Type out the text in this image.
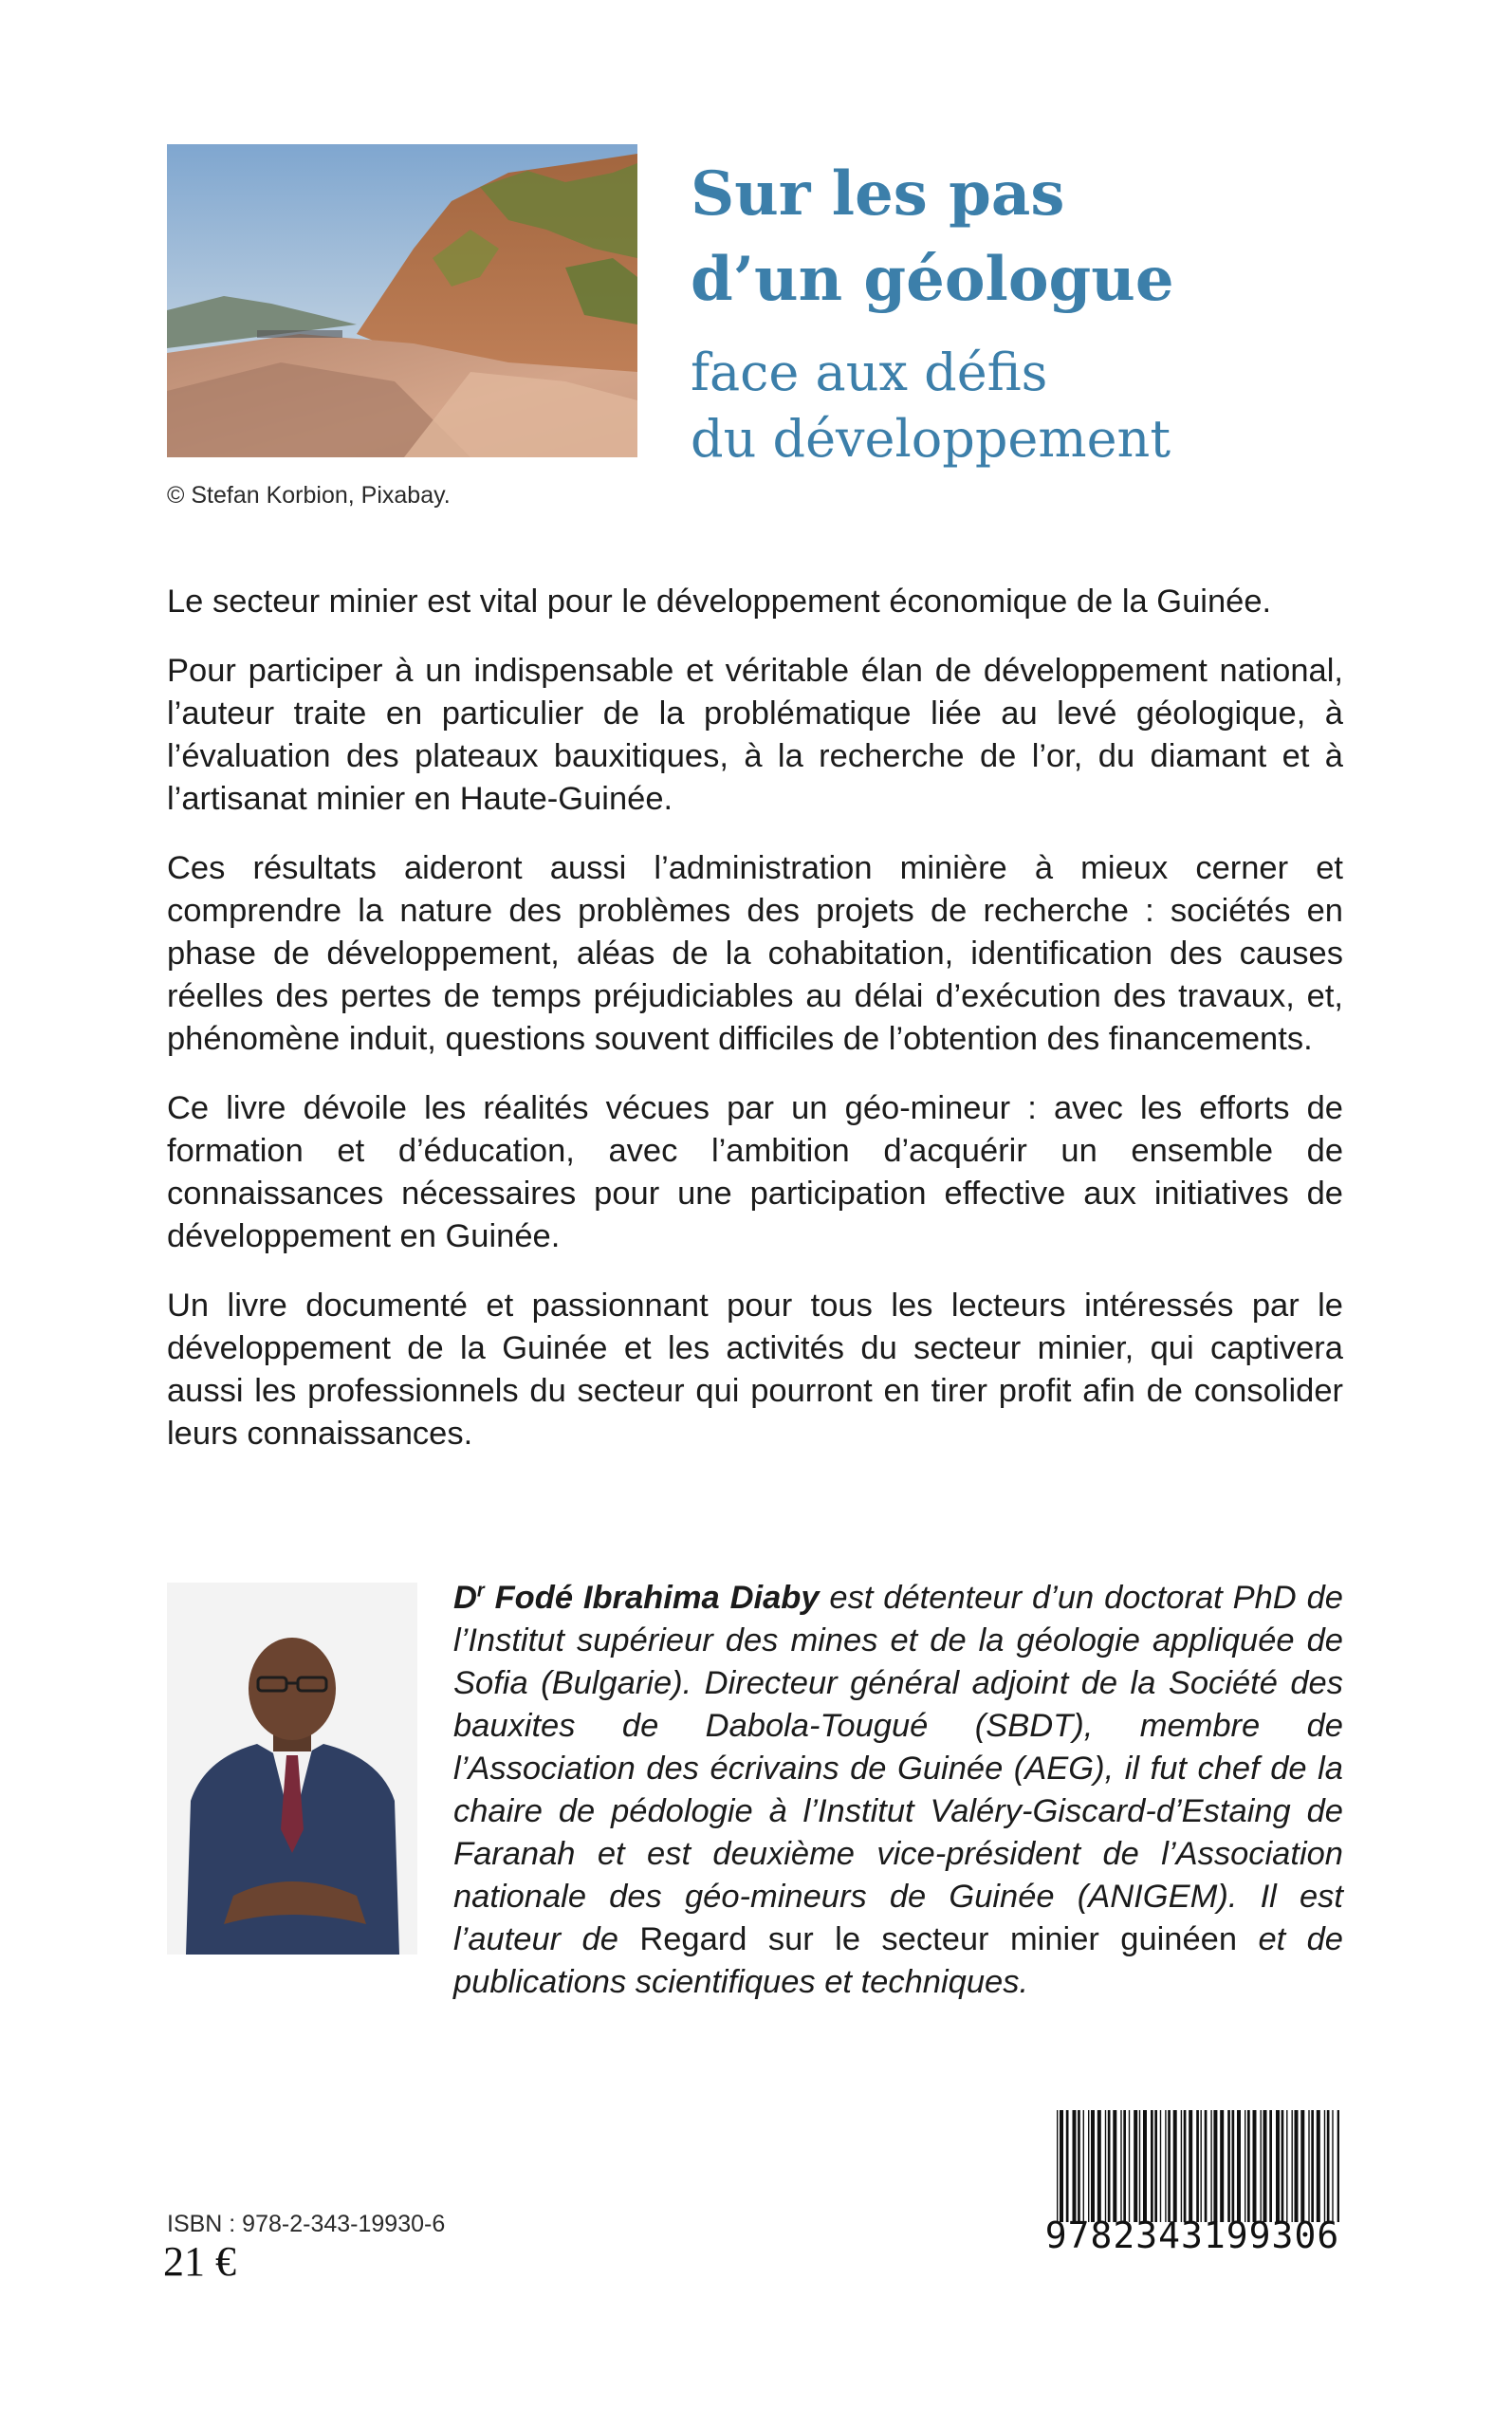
© Stefan Korbion, Pixabay.
Sur les pas
d’un géologue
face aux défis
du développement

Le secteur minier est vital pour le développement économique de la Guinée.

Pour participer à un indispensable et véritable élan de développement national, l’auteur traite en particulier de la problématique liée au levé géologique, à l’évaluation des plateaux bauxitiques, à la recherche de l’or, du diamant et à l’artisanat minier en Haute-Guinée.

Ces résultats aideront aussi l’administration minière à mieux cerner et comprendre la nature des problèmes des projets de recherche : sociétés en phase de développement, aléas de la cohabitation, identification des causes réelles des pertes de temps préjudiciables au délai d’exécution des travaux, et, phénomène induit, questions souvent difficiles de l’obtention des financements.

Ce livre dévoile les réalités vécues par un géo-mineur : avec les efforts de formation et d’éducation, avec l’ambition d’acquérir un ensemble de connaissances nécessaires pour une participation effective aux initiatives de développement en Guinée.

Un livre documenté et passionnant pour tous les lecteurs intéressés par le développement de la Guinée et les activités du secteur minier, qui captivera aussi les professionnels du secteur qui pourront en tirer profit afin de consolider leurs connaissances.

$D^r$ Fodé Ibrahima Diaby est détenteur d’un doctorat PhD de l’Institut supérieur des mines et de la géologie appliquée de Sofia (Bulgarie). Directeur général adjoint de la Société des bauxites de Dabola-Tougué (SBDT), membre de l’Association des écrivains de Guinée (AEG), il fut chef de la chaire de pédologie à l’Institut Valéry-Giscard-d’Estaing de Faranah et est deuxième vice-président de l’Association nationale des géo-mineurs de Guinée (ANIGEM). Il est l’auteur de Regard sur le secteur minier guinéen et de publications scientifiques et techniques.
ISBN : 978-2-343-19930-6
21 €
9782343199306
